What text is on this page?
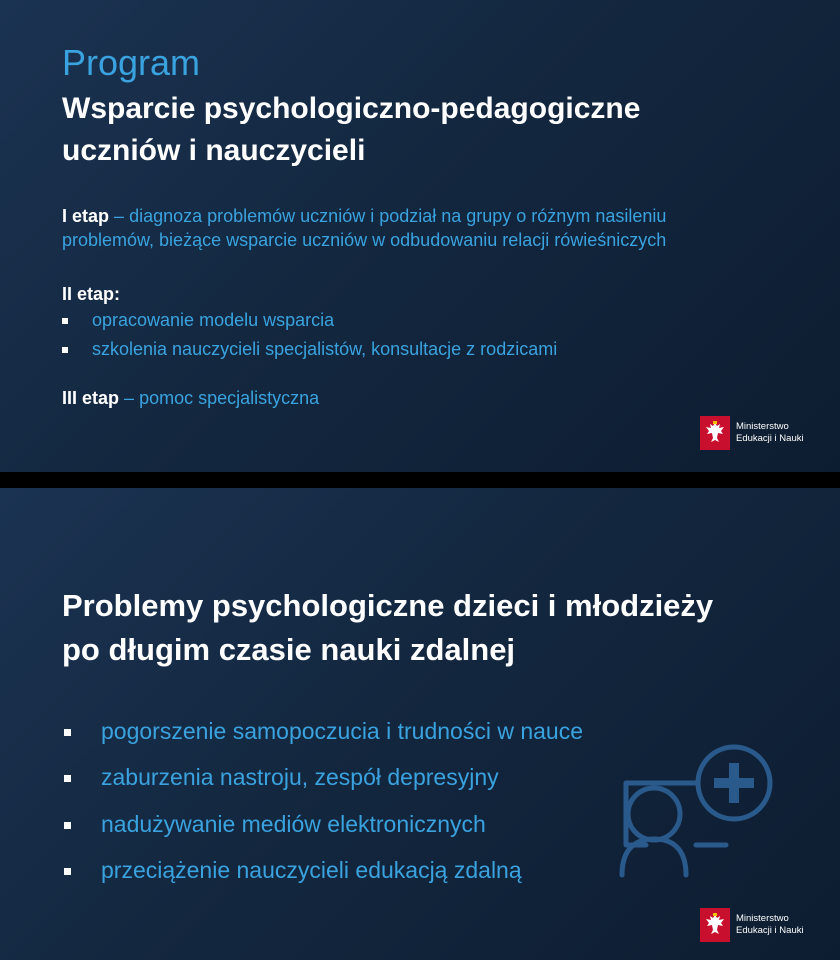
Program
Wsparcie psychologiczno-pedagogiczne
uczniów i nauczycieli
I etap – diagnoza problemów uczniów i podział na grupy o różnym nasileniu
problemów, bieżące wsparcie uczniów w odbudowaniu relacji rówieśniczych
II etap:
opracowanie modelu wsparcia
szkolenia nauczycieli specjalistów, konsultacje z rodzicami
III etap – pomoc specjalistyczna
Ministerstwo
Edukacji i Nauki
Problemy psychologiczne dzieci i młodzieży
po długim czasie nauki zdalnej
pogorszenie samopoczucia i trudności w nauce
zaburzenia nastroju, zespół depresyjny
nadużywanie mediów elektronicznych
przeciążenie nauczycieli edukacją zdalną
Ministerstwo
Edukacji i Nauki
